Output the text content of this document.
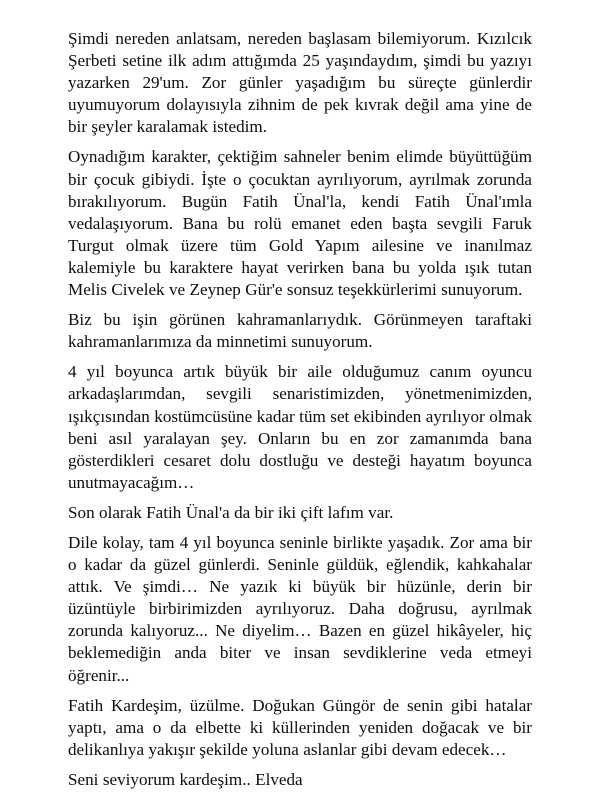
Şimdi nereden anlatsam, nereden başlasam bilemiyorum. Kızılcık Şerbeti setine ilk adım attığımda 25 yaşındaydım, şimdi bu yazıyı yazarken 29'um. Zor günler yaşadığım bu süreçte günlerdir uyumuyorum dolayısıyla zihnim de pek kıvrak değil ama yine de bir şeyler karalamak istedim.

Oynadığım karakter, çektiğim sahneler benim elimde büyüttüğüm bir çocuk gibiydi. İşte o çocuktan ayrılıyorum, ayrılmak zorunda bırakılıyorum. Bugün Fatih Ünal'la, kendi Fatih Ünal'ımla vedalaşıyorum. Bana bu rolü emanet eden başta sevgili Faruk Turgut olmak üzere tüm Gold Yapım ailesine ve inanılmaz kalemiyle bu karaktere hayat verirken bana bu yolda ışık tutan Melis Civelek ve Zeynep Gür'e sonsuz teşekkürlerimi sunuyorum.

Biz bu işin görünen kahramanlarıydık. Görünmeyen taraftaki kahramanlarımıza da minnetimi sunuyorum.

4 yıl boyunca artık büyük bir aile olduğumuz canım oyuncu arkadaşlarımdan, sevgili senaristimizden, yönetmenimizden, ışıkçısından kostümcüsüne kadar tüm set ekibinden ayrılıyor olmak beni asıl yaralayan şey. Onların bu en zor zamanımda bana gösterdikleri cesaret dolu dostluğu ve desteği hayatım boyunca unutmayacağım…

Son olarak Fatih Ünal'a da bir iki çift lafım var.

Dile kolay, tam 4 yıl boyunca seninle birlikte yaşadık. Zor ama bir o kadar da güzel günlerdi. Seninle güldük, eğlendik, kahkahalar attık. Ve şimdi… Ne yazık ki büyük bir hüzünle, derin bir üzüntüyle birbirimizden ayrılıyoruz. Daha doğrusu, ayrılmak zorunda kalıyoruz... Ne diyelim… Bazen en güzel hikâyeler, hiç beklemediğin anda biter ve insan sevdiklerine veda etmeyi öğrenir...

Fatih Kardeşim, üzülme. Doğukan Güngör de senin gibi hatalar yaptı, ama o da elbette ki küllerinden yeniden doğacak ve bir delikanlıya yakışır şekilde yoluna aslanlar gibi devam edecek…

Seni seviyorum kardeşim.. Elveda
